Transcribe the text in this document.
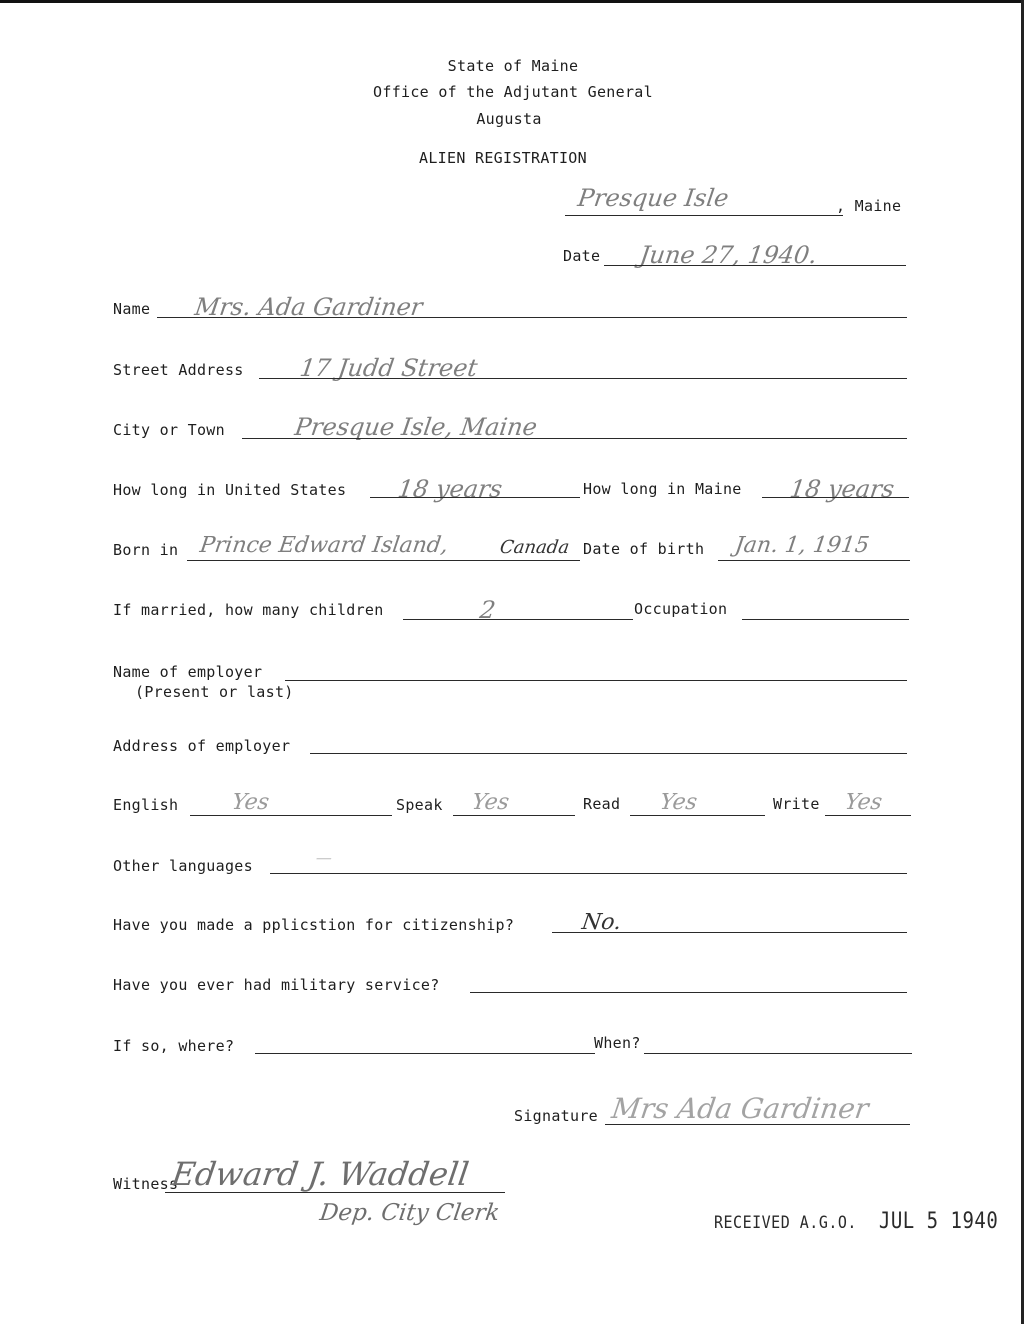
State of Maine
Office of the Adjutant General
Augusta
ALIEN REGISTRATION
Presque Isle	, Maine
Date June 27, 1940.
Name Mrs. Ada Gardiner
Street Address 17 Judd Street
City or Town	Presque Isle, Maine
How long in United States 18 years	How long in Maine 18 years
Born in Prince Edward Island,	Canada Date of birth Jan. 1, 1915
If married, how many children	2	Occupation
Name of employer
(Present or last)
Address of employer
English Yes	Speak Yes	Read Yes	Write Yes
Other languages	—
Have you made a pplicstion for citizenship?	No.
Have you ever had military service?
If so, where?	When?
Signature Mrs Ada Gardiner
Witness
Edward J. Waddell
Dep. City Clerk	RECEIVED A.G.O. JUL 5 1940
